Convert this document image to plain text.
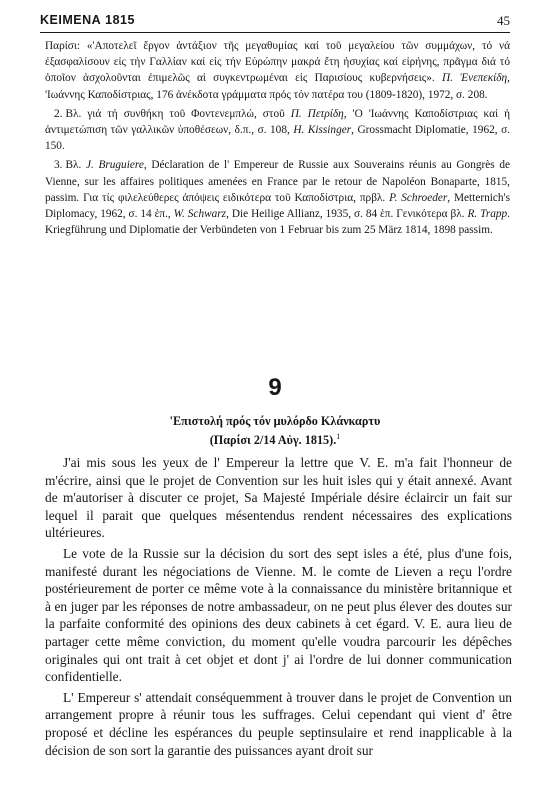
ΚΕΙΜΕΝΑ 1815	45

Παρίσι: «'Αποτελεῖ ἔργον ἀντάξιον τῆς μεγαθυμίας καί τοῦ μεγαλείου τῶν συμμάχων, τό νά ἐξασφαλίσουν εἰς τήν Γαλλίαν καί εἰς τήν Εὐρώπην μακρά ἔτη ἡσυχίας καί εἰρήνης, πρᾶγμα διά τό ὁποῖον ἀσχολοῦνται ἐπιμελῶς αἱ συγκεντρωμέναι εἰς Παρισίους κυβερνήσεις». Π. Ἐνεπεκίδη, 'Ιωάννης Καποδίστριας, 176 ἀνέκδοτα γράμματα πρός τόν πατέρα του (1809-1820), 1972, σ. 208.

2. Βλ. γιά τή συνθήκη τοῦ Φοντενεμπλώ, στοῦ Π. Πετρίδη, 'Ο 'Ιωάννης Καποδίστριας καί ἡ ἀντιμετώπιση τῶν γαλλικῶν ὑποθέσεων, δ.π., σ. 108, H. Kissinger, Grossmacht Diplomatie, 1962, σ. 150.

3. Βλ. J. Bruguiere, Déclaration de l' Empereur de Russie aux Souverains réunis au Gongrès de Vienne, sur les affaires politiques amenées en France par le retour de Napoléon Bonaparte, 1815, passim. Για τίς φιλελεύθερες ἀπόψεις ειδικότερα τοῦ Καποδίστρια, πρβλ. P. Schroeder, Metternich's Diplomacy, 1962, σ. 14 ἑπ., W. Schwarz, Die Heilige Allianz, 1935, σ. 84 ἑπ. Γενικότερα βλ. R. Trapp. Kriegführung und Diplomatie der Verbündeten von 1 Februar bis zum 25 März 1814, 1898 passim.

9
'Επιστολή πρός τόν μυλόρδο Κλάνκαρτυ
(Παρίσι 2/14 Αὐγ. 1815).$^1$

J'ai mis sous les yeux de l' Empereur la lettre que V. E. m'a fait l'honneur de m'écrire, ainsi que le projet de Convention sur les huit isles qui y était annexé. Avant de m'autoriser à discuter ce projet, Sa Majesté Impériale désire éclaircir un fait sur lequel il parait que quelques mésentendus rendent nécessaires des explications ultérieures.

Le vote de la Russie sur la décision du sort des sept isles a été, plus d'une fois, manifesté durant les négociations de Vienne. M. le comte de Lieven a reçu l'ordre postérieurement de porter ce même vote à la connaissance du ministère britannique et à en juger par les réponses de notre ambassadeur, on ne peut plus élever des doutes sur la parfaite conformité des opinions des deux cabinets à cet égard. V. E. aura lieu de partager cette même conviction, du moment qu'elle voudra parcourir les dépêches originales qui ont trait à cet objet et dont j' ai l'ordre de lui donner communication confidentielle.

L' Empereur s' attendait conséquemment à trouver dans le projet de Convention un arrangement propre à réunir tous les suffrages. Celui cependant qui vient d' être proposé et décline les espérances du peuple septinsulaire et rend inapplicable à la décision de son sort la garantie des puissances ayant droit sur
